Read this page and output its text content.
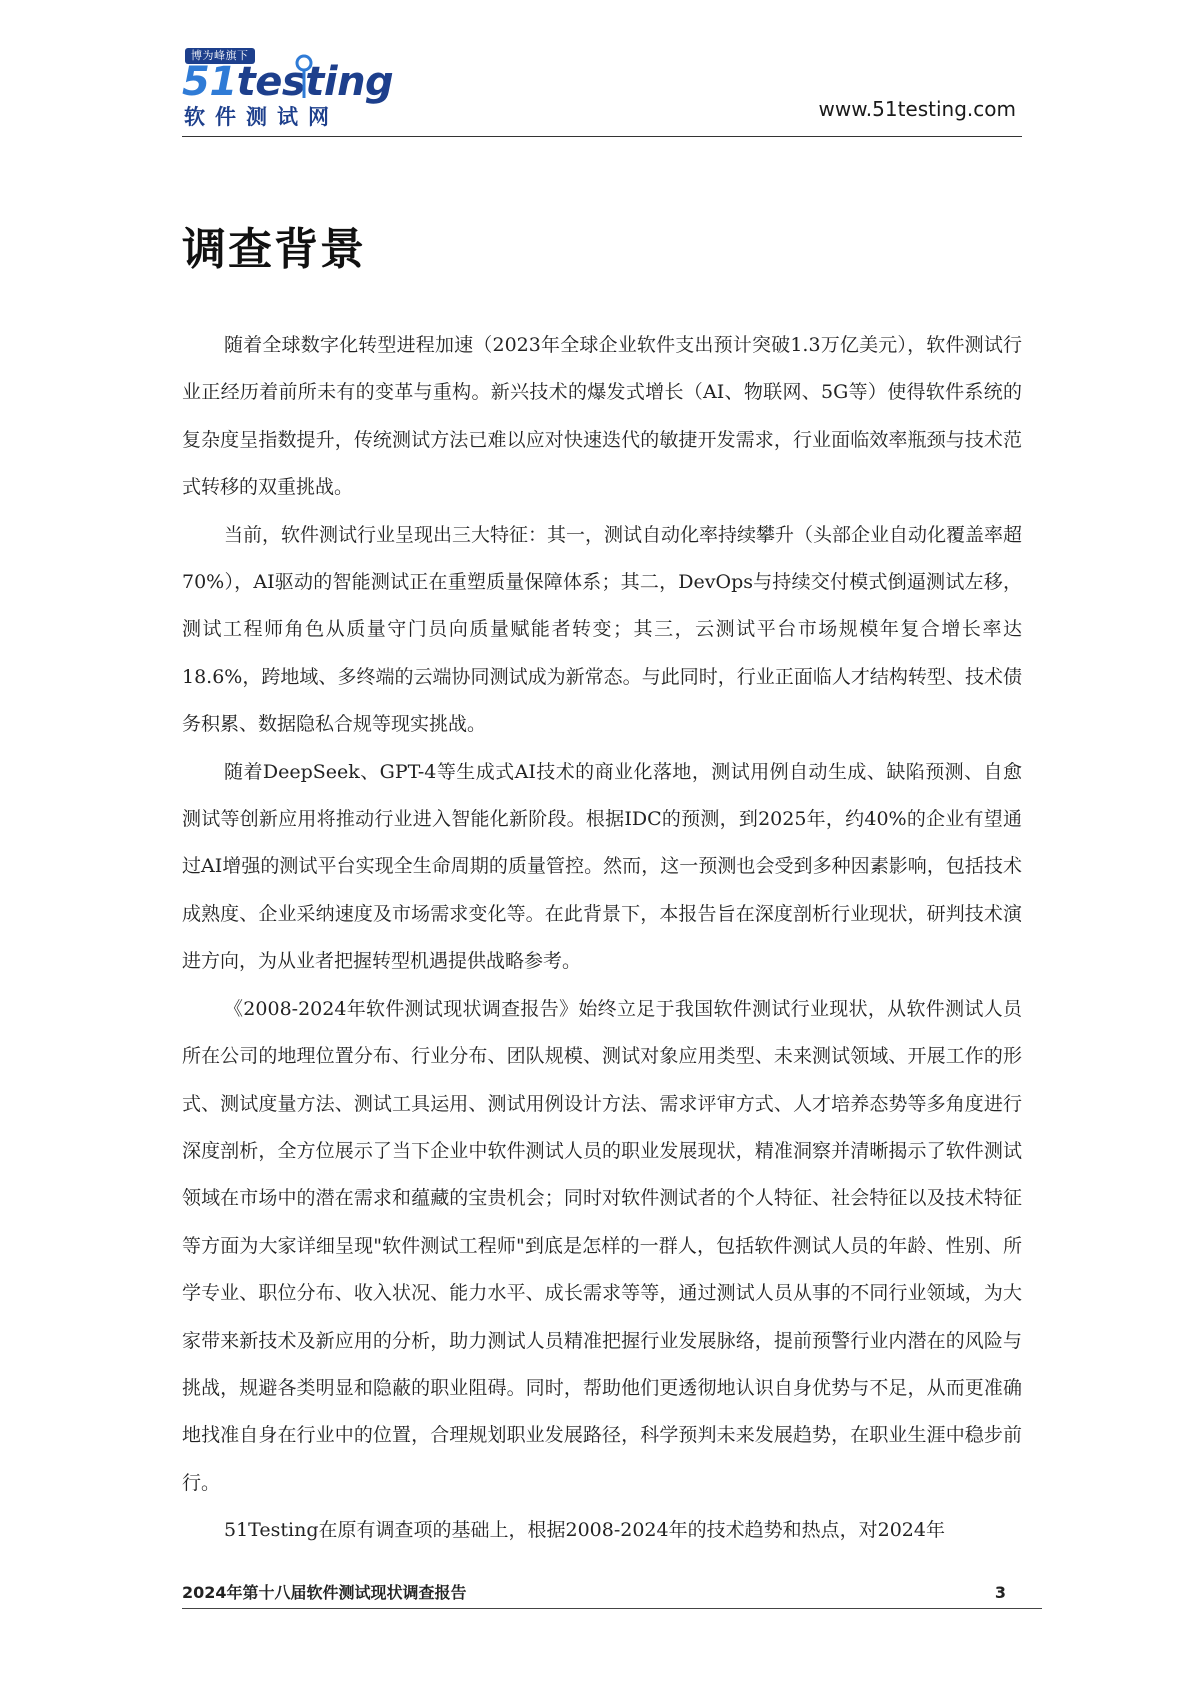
博为峰旗下
51testing
软件测试网	www.51testing.com
调查背景

随着全球数字化转型进程加速（2023年全球企业软件支出预计突破1.3万亿美元），软件测试行业正经历着前所未有的变革与重构。新兴技术的爆发式增长（AI、物联网、5G等）使得软件系统的复杂度呈指数提升，传统测试方法已难以应对快速迭代的敏捷开发需求，行业面临效率瓶颈与技术范式转移的双重挑战。

当前，软件测试行业呈现出三大特征：其一，测试自动化率持续攀升（头部企业自动化覆盖率超70%），AI驱动的智能测试正在重塑质量保障体系；其二，DevOps与持续交付模式倒逼测试左移，测试工程师角色从质量守门员向质量赋能者转变；其三，云测试平台市场规模年复合增长率达18.6%，跨地域、多终端的云端协同测试成为新常态。与此同时，行业正面临人才结构转型、技术债务积累、数据隐私合规等现实挑战。

随着DeepSeek、GPT-4等生成式AI技术的商业化落地，测试用例自动生成、缺陷预测、自愈测试等创新应用将推动行业进入智能化新阶段。根据IDC的预测，到2025年，约40%的企业有望通过AI增强的测试平台实现全生命周期的质量管控。然而，这一预测也会受到多种因素影响，包括技术成熟度、企业采纳速度及市场需求变化等。在此背景下，本报告旨在深度剖析行业现状，研判技术演进方向，为从业者把握转型机遇提供战略参考。

《2008-2024年软件测试现状调查报告》始终立足于我国软件测试行业现状，从软件测试人员所在公司的地理位置分布、行业分布、团队规模、测试对象应用类型、未来测试领域、开展工作的形式、测试度量方法、测试工具运用、测试用例设计方法、需求评审方式、人才培养态势等多角度进行深度剖析，全方位展示了当下企业中软件测试人员的职业发展现状，精准洞察并清晰揭示了软件测试领域在市场中的潜在需求和蕴藏的宝贵机会；同时对软件测试者的个人特征、社会特征以及技术特征等方面为大家详细呈现"软件测试工程师"到底是怎样的一群人，包括软件测试人员的年龄、性别、所学专业、职位分布、收入状况、能力水平、成长需求等等，通过测试人员从事的不同行业领域，为大家带来新技术及新应用的分析，助力测试人员精准把握行业发展脉络，提前预警行业内潜在的风险与挑战，规避各类明显和隐蔽的职业阻碍。同时，帮助他们更透彻地认识自身优势与不足，从而更准确地找准自身在行业中的位置，合理规划职业发展路径，科学预判未来发展趋势，在职业生涯中稳步前行。

51Testing在原有调查项的基础上，根据2008-2024年的技术趋势和热点，对2024年

2024年第十八届软件测试现状调查报告	3
